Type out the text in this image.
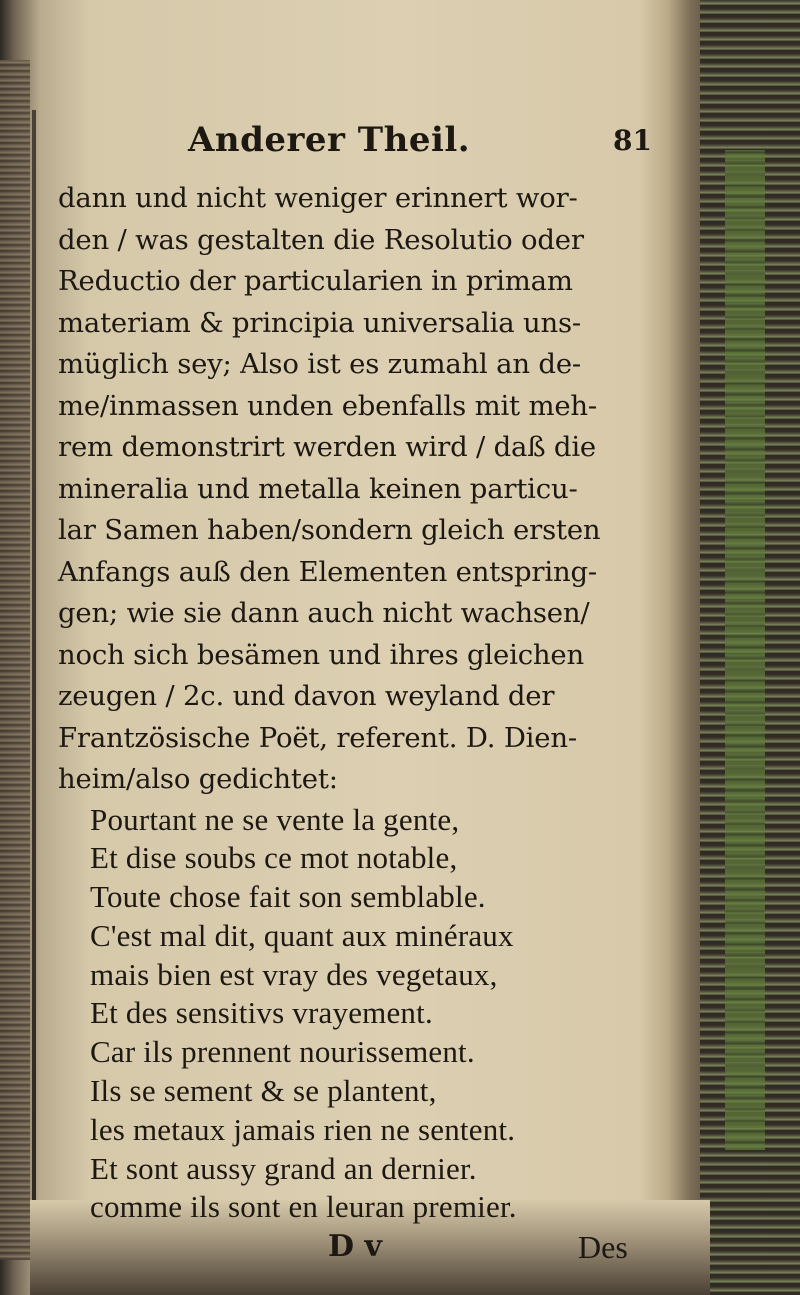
Anderer Theil.	81
dann und nicht weniger erinnert wor-
den / was gestalten die Resolutio oder
Reductio der particularien in primam
materiam & principia universalia uns-
müglich sey; Also ist es zumahl an de-
me/inmassen unden ebenfalls mit meh-
rem demonstrirt werden wird / daß die
mineralia und metalla keinen particu-
lar Samen haben/sondern gleich ersten
Anfangs auß den Elementen entspring-
gen; wie sie dann auch nicht wachsen/
noch sich besämen und ihres gleichen
zeugen / 2c. und davon weyland der
Frantzösische Poët, referent. D. Dien-
heim/also gedichtet:
Pourtant ne se vente la gente,
Et dise soubs ce mot notable,
Toute chose fait son semblable.
C'est mal dit, quant aux minéraux
mais bien est vray des vegetaux,
Et des sensitivs vrayement.
Car ils prennent nourissement.
Ils se sement & se plantent,
les metaux jamais rien ne sentent.
Et sont aussy grand an dernier.
comme ils sont en leuran premier.
D v	Des
